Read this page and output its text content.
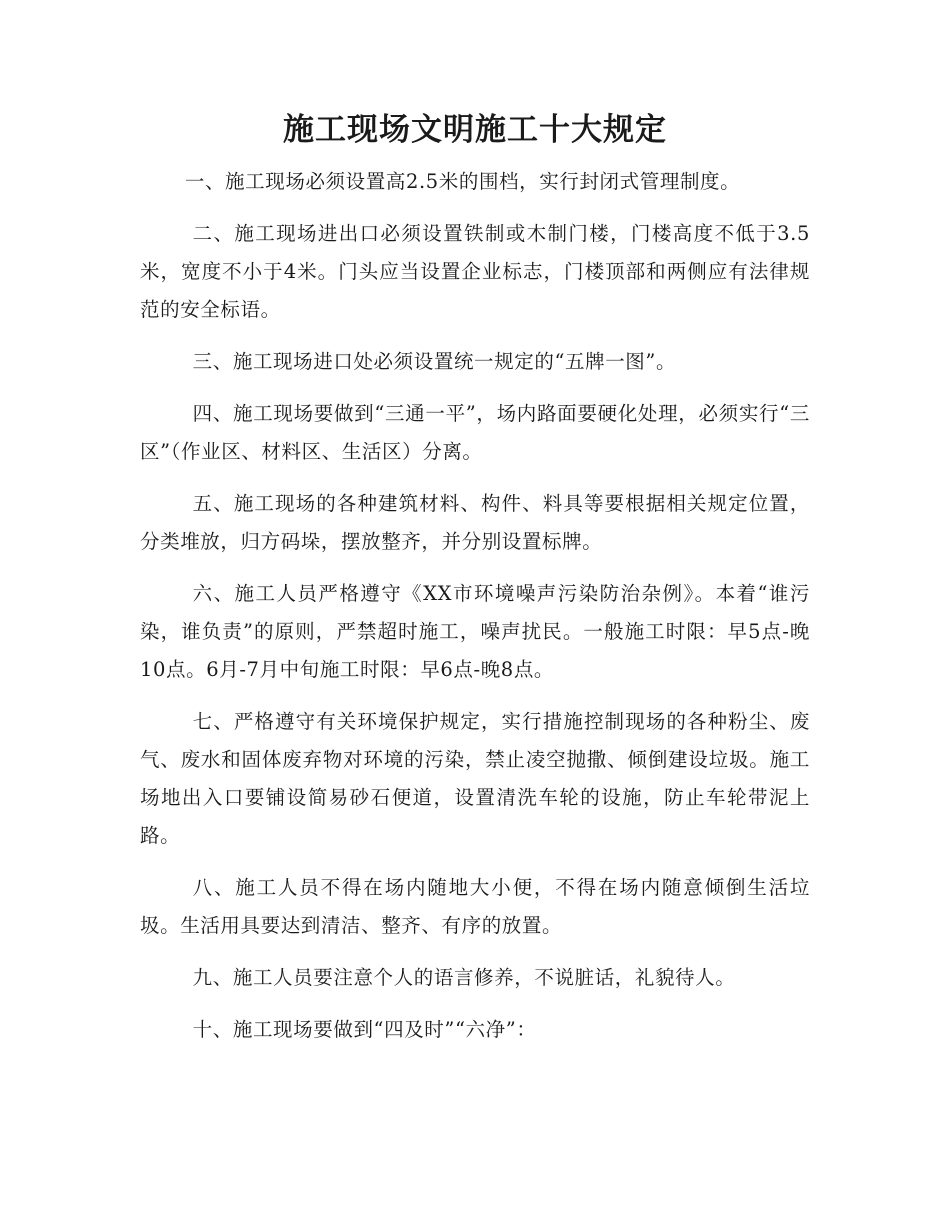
施工现场文明施工十大规定

一、施工现场必须设置高2.5米的围档，实行封闭式管理制度。

二、施工现场进出口必须设置铁制或木制门楼，门楼高度不低于3.5米，宽度不小于4米。门头应当设置企业标志，门楼顶部和两侧应有法律规范的安全标语。

三、施工现场进口处必须设置统一规定的“五牌一图”。

四、施工现场要做到“三通一平”，场内路面要硬化处理，必须实行“三区”（作业区、材料区、生活区）分离。

五、施工现场的各种建筑材料、构件、料具等要根据相关规定位置，分类堆放，归方码垛，摆放整齐，并分别设置标牌。

六、施工人员严格遵守《XX市环境噪声污染防治杂例》。本着“谁污染，谁负责”的原则，严禁超时施工，噪声扰民。一般施工时限：早5点-晚10点。6月-7月中旬施工时限：早6点-晚8点。

七、严格遵守有关环境保护规定，实行措施控制现场的各种粉尘、废气、废水和固体废弃物对环境的污染，禁止凌空抛撒、倾倒建设垃圾。施工场地出入口要铺设简易砂石便道，设置清洗车轮的设施，防止车轮带泥上路。

八、施工人员不得在场内随地大小便，不得在场内随意倾倒生活垃圾。生活用具要达到清洁、整齐、有序的放置。

九、施工人员要注意个人的语言修养，不说脏话，礼貌待人。

十、施工现场要做到“四及时”“六净”：
